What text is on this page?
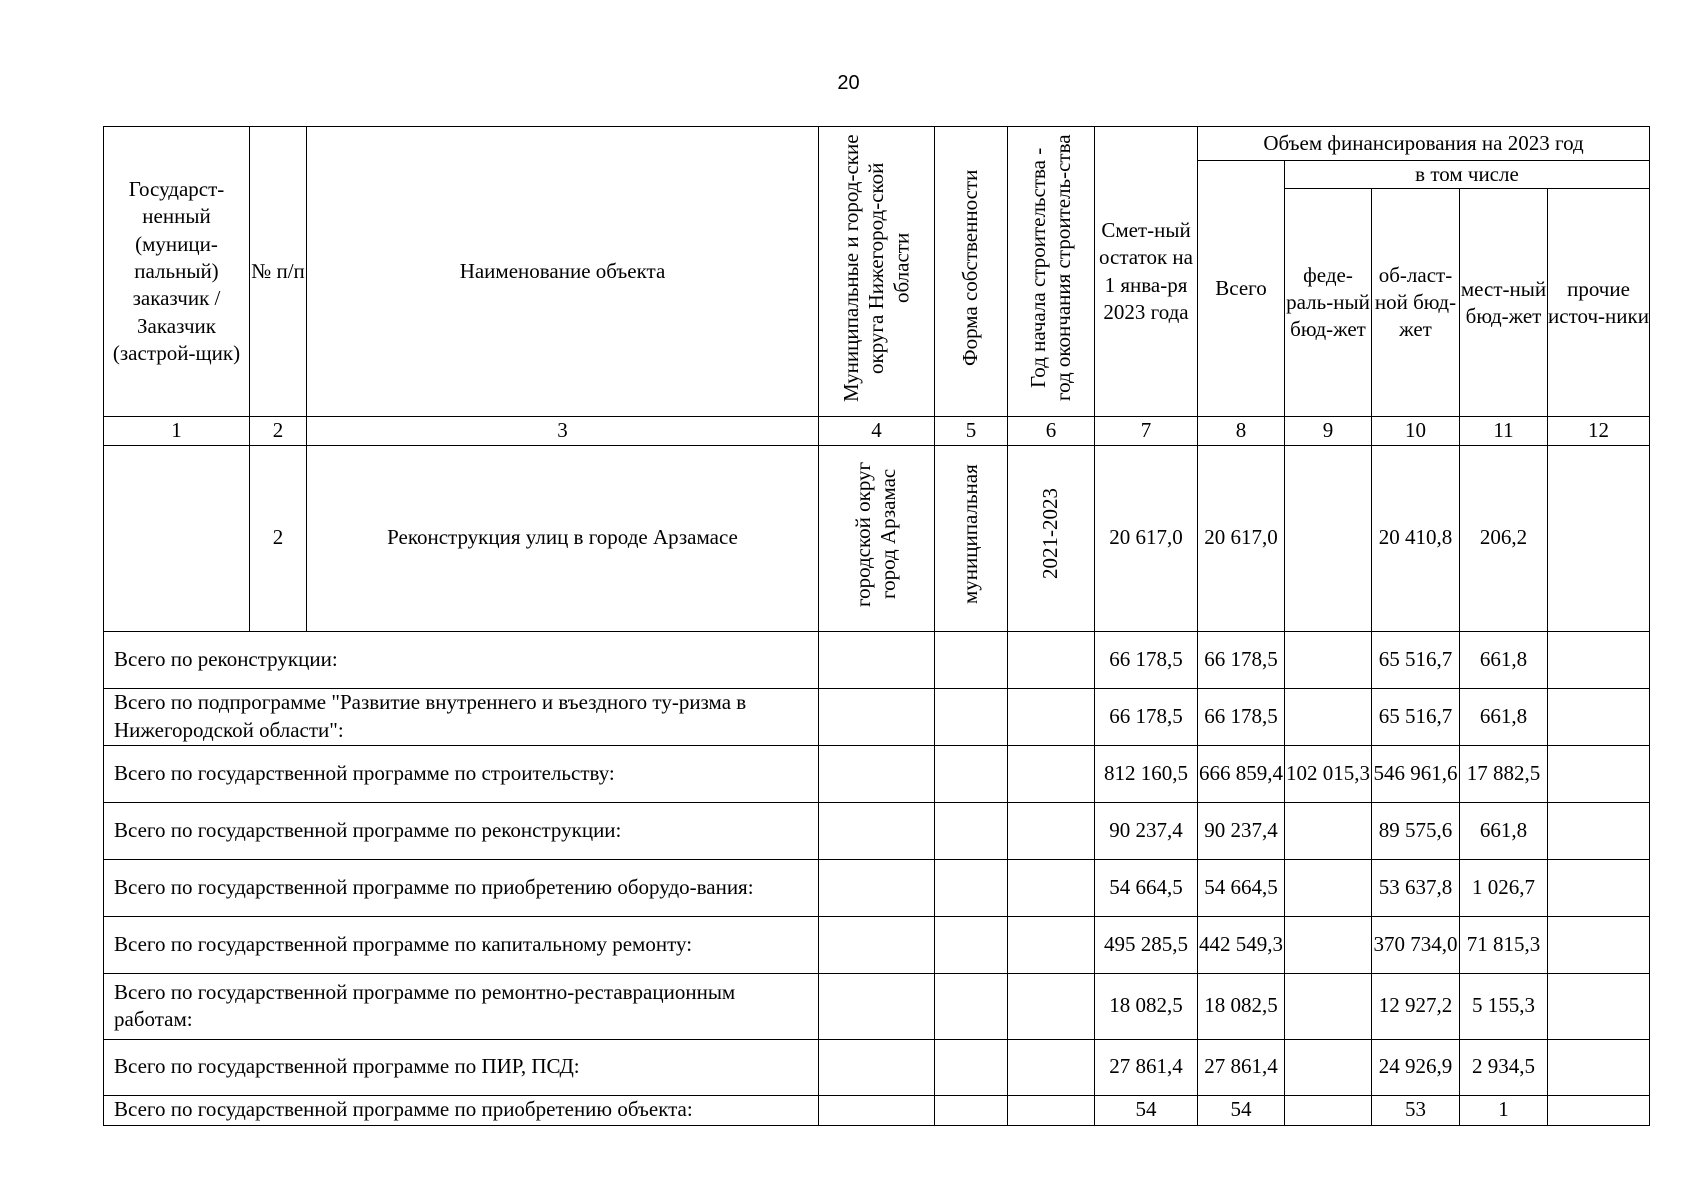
20
Государст-ненный (муници-пальный) заказчик / Заказчик (застрой-щик)	№ п/п	Наименование объекта	Муниципальные и город-ские округа Нижегород-ской области	Форма собственности	Год начала строительства - год окончания строитель-ства	Смет-ный остаток на 1 янва-ря 2023 года	Объем финансирования на 2023 год				
							Всего	в том числе			
								феде-раль-ный бюд-жет	об-ласт-ной бюд-жет	мест-ный бюд-жет	прочие источ-ники
1	2	3	4	5	6	7	8	9	10	11	12
	2	Реконструкция улиц в городе Арзамасе	городской округ город Арзамас	муниципальная	2021-2023	20 617,0	20 617,0		20 410,8	206,2	
Всего по реконструкции:						66 178,5	66 178,5		65 516,7	661,8	
Всего по подпрограмме "Развитие внутреннего и въездного ту-ризма в Нижегородской области":						66 178,5	66 178,5		65 516,7	661,8	
Всего по государственной программе по строительству:						812 160,5	666 859,4	102 015,3	546 961,6	17 882,5	
Всего по государственной программе по реконструкции:						90 237,4	90 237,4		89 575,6	661,8	
Всего по государственной программе по приобретению оборудо-вания:						54 664,5	54 664,5		53 637,8	1 026,7	
Всего по государственной программе по капитальному ремонту:						495 285,5	442 549,3		370 734,0	71 815,3	
Всего по государственной программе по ремонтно-реставрационным работам:						18 082,5	18 082,5		12 927,2	5 155,3	
Всего по государственной программе по ПИР, ПСД:						27 861,4	27 861,4		24 926,9	2 934,5	
Всего по государственной программе по приобретению объекта:						54	54		53	1	
